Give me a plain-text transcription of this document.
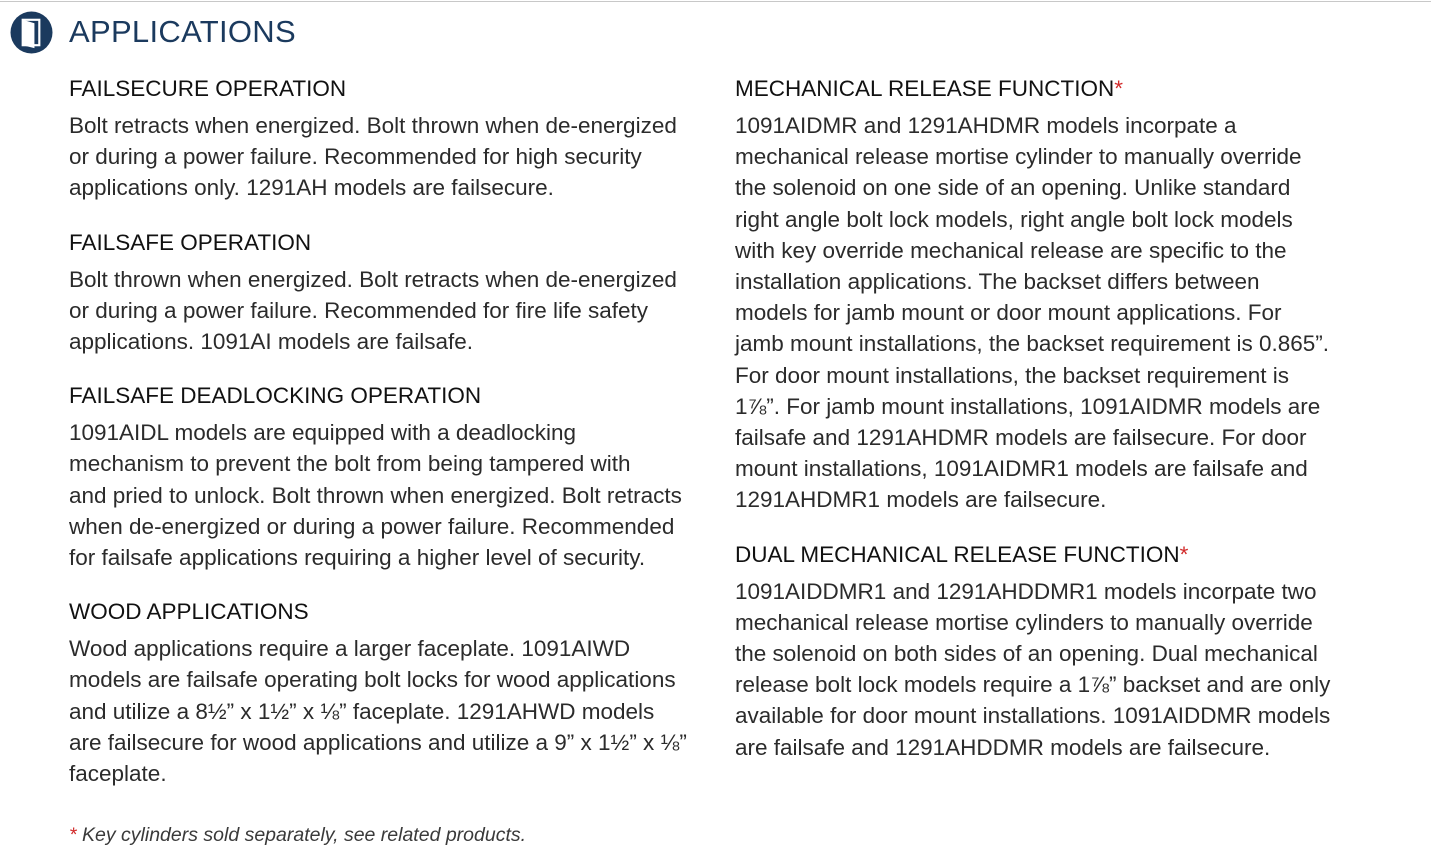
APPLICATIONS
FAILSECURE OPERATION

Bolt retracts when energized. Bolt thrown when de-energized

or during a power failure. Recommended for high security

applications only. 1291AH models are failsecure.

FAILSAFE OPERATION

Bolt thrown when energized. Bolt retracts when de-energized

or during a power failure. Recommended for fire life safety

applications. 1091AI models are failsafe.

FAILSAFE DEADLOCKING OPERATION

1091AIDL models are equipped with a deadlocking

mechanism to prevent the bolt from being tampered with

and pried to unlock. Bolt thrown when energized. Bolt retracts

when de-energized or during a power failure. Recommended

for failsafe applications requiring a higher level of security.

WOOD APPLICATIONS

Wood applications require a larger faceplate. 1091AIWD

models are failsafe operating bolt locks for wood applications

and utilize a 8½” x 1½” x ⅛” faceplate. 1291AHWD models

are failsecure for wood applications and utilize a 9” x 1½” x ⅛”

faceplate.

MECHANICAL RELEASE FUNCTION*

1091AIDMR and 1291AHDMR models incorpate a

mechanical release mortise cylinder to manually override

the solenoid on one side of an opening. Unlike standard

right angle bolt lock models, right angle bolt lock models

with key override mechanical release are specific to the

installation applications. The backset differs between

models for jamb mount or door mount applications. For

jamb mount installations, the backset requirement is 0.865”.

For door mount installations, the backset requirement is

1⅞”. For jamb mount installations, 1091AIDMR models are

failsafe and 1291AHDMR models are failsecure. For door

mount installations, 1091AIDMR1 models are failsafe and

1291AHDMR1 models are failsecure.

DUAL MECHANICAL RELEASE FUNCTION*

1091AIDDMR1 and 1291AHDDMR1 models incorpate two

mechanical release mortise cylinders to manually override

the solenoid on both sides of an opening. Dual mechanical

release bolt lock models require a 1⅞” backset and are only

available for door mount installations. 1091AIDDMR models

are failsafe and 1291AHDDMR models are failsecure.

* Key cylinders sold separately, see related products.
